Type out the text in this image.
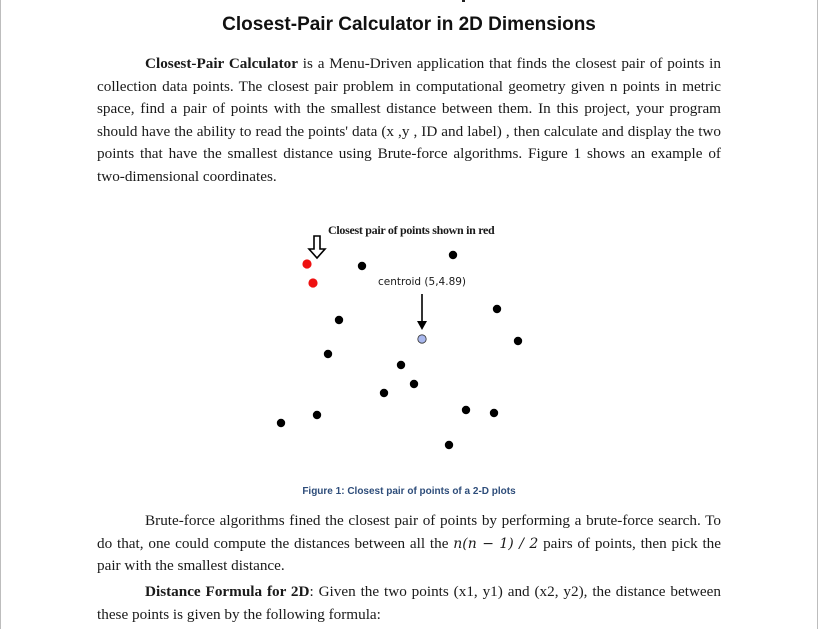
Closest-Pair Calculator in 2D Dimensions

Closest-Pair Calculator is a Menu-Driven application that finds the closest pair of points in collection data points. The closest pair problem in computational geometry given n points in metric space, find a pair of points with the smallest distance between them. In this project, your program should have the ability to read the points' data (x ,y , ID and label) , then calculate and display the two points that have the smallest distance using Brute-force algorithms. Figure 1 shows an example of two-dimensional coordinates.

Closest pair of points shown in red
centroid (5,4.89)
Figure 1: Closest pair of points of a 2-D plots

Brute-force algorithms fined the closest pair of points by performing a brute-force search. To do that, one could compute the distances between all the n(n − 1) / 2 pairs of points, then pick the pair with the smallest distance.

Distance Formula for 2D: Given the two points (x1, y1) and (x2, y2), the distance between these points is given by the following formula:
